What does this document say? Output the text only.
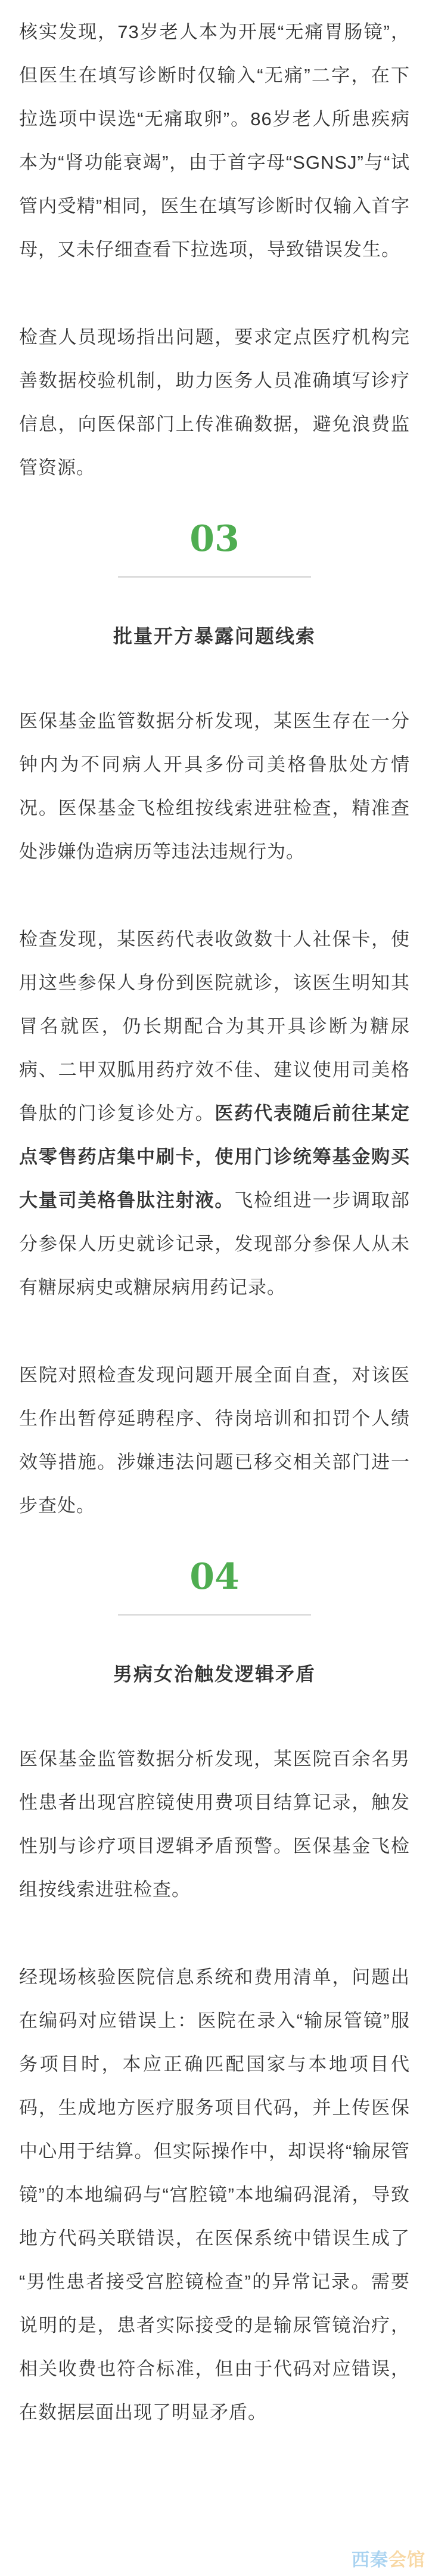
核实发现，73岁老人本为开展“无痛胃肠镜”，但医生在填写诊断时仅输入“无痛”二字，在下拉选项中误选“无痛取卵”。86岁老人所患疾病本为“肾功能衰竭”，由于首字母“SGNSJ”与“试管内受精”相同，医生在填写诊断时仅输入首字母，又未仔细查看下拉选项，导致错误发生。

检查人员现场指出问题，要求定点医疗机构完善数据校验机制，助力医务人员准确填写诊疗信息，向医保部门上传准确数据，避免浪费监管资源。

03
批量开方暴露问题线索

医保基金监管数据分析发现，某医生存在一分钟内为不同病人开具多份司美格鲁肽处方情况。医保基金飞检组按线索进驻检查，精准查处涉嫌伪造病历等违法违规行为。

检查发现，某医药代表收敛数十人社保卡，使用这些参保人身份到医院就诊，该医生明知其冒名就医，仍长期配合为其开具诊断为糖尿病、二甲双胍用药疗效不佳、建议使用司美格鲁肽的门诊复诊处方。医药代表随后前往某定点零售药店集中刷卡，使用门诊统筹基金购买大量司美格鲁肽注射液。飞检组进一步调取部分参保人历史就诊记录，发现部分参保人从未有糖尿病史或糖尿病用药记录。

医院对照检查发现问题开展全面自查，对该医生作出暂停延聘程序、待岗培训和扣罚个人绩效等措施。涉嫌违法问题已移交相关部门进一步查处。

04
男病女治触发逻辑矛盾

医保基金监管数据分析发现，某医院百余名男性患者出现宫腔镜使用费项目结算记录，触发性别与诊疗项目逻辑矛盾预警。医保基金飞检组按线索进驻检查。

经现场核验医院信息系统和费用清单，问题出在编码对应错误上：医院在录入“输尿管镜”服务项目时，本应正确匹配国家与本地项目代码，生成地方医疗服务项目代码，并上传医保中心用于结算。但实际操作中，却误将“输尿管镜”的本地编码与“宫腔镜”本地编码混淆，导致地方代码关联错误，在医保系统中错误生成了“男性患者接受宫腔镜检查”的异常记录。需要说明的是，患者实际接受的是输尿管镜治疗，相关收费也符合标准，但由于代码对应错误，在数据层面出现了明显矛盾。

西秦会馆
